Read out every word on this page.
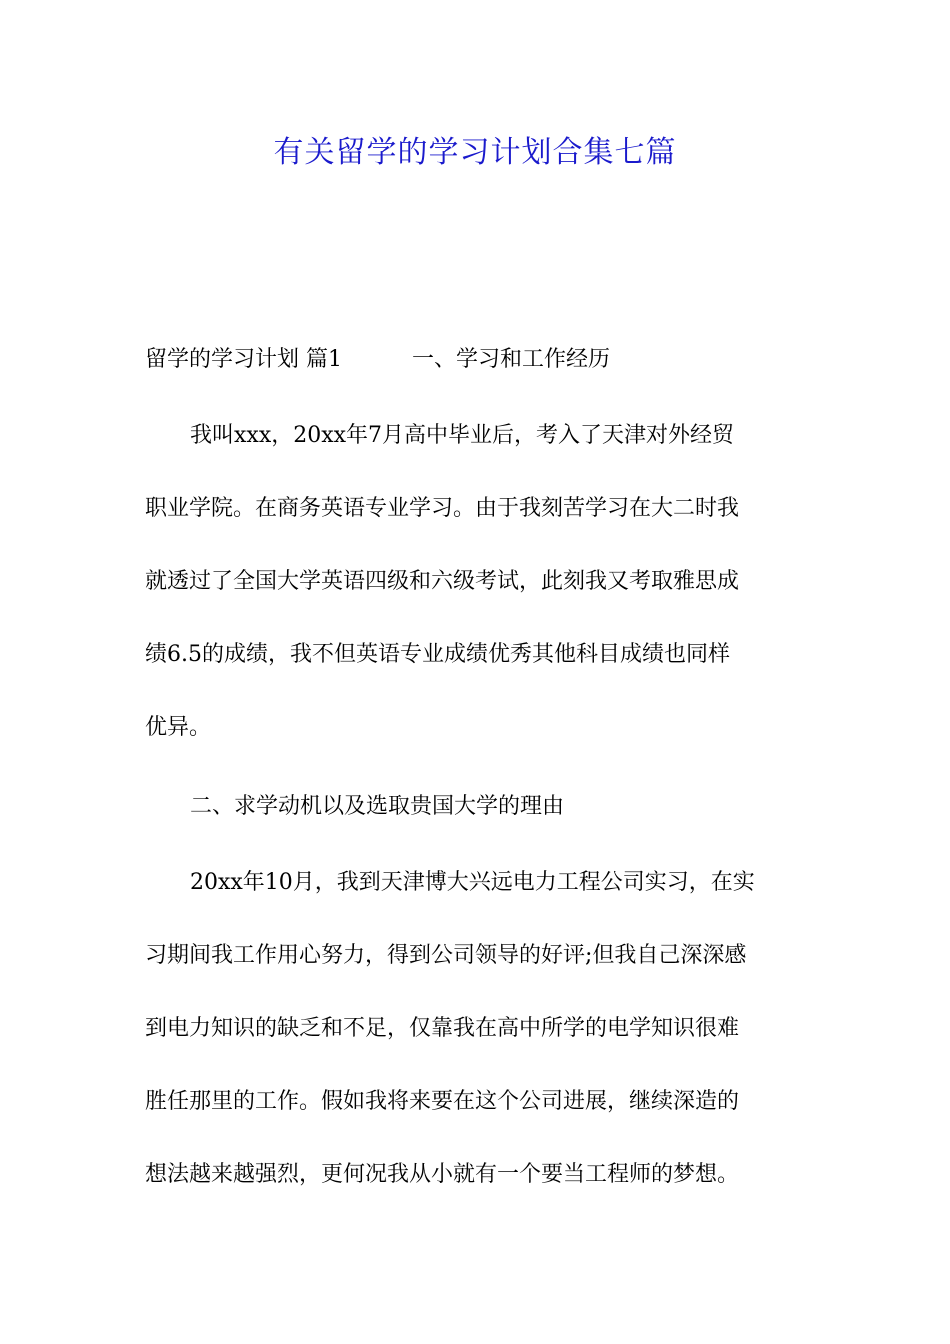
有关留学的学习计划合集七篇
留学的学习计划 篇1	一、学习和工作经历
我叫xxx，20xx年7月高中毕业后，考入了天津对外经贸
职业学院。在商务英语专业学习。由于我刻苦学习在大二时我
就透过了全国大学英语四级和六级考试，此刻我又考取雅思成
绩6.5的成绩，我不但英语专业成绩优秀其他科目成绩也同样
优异。
二、求学动机以及选取贵国大学的理由
20xx年10月，我到天津博大兴远电力工程公司实习，在实
习期间我工作用心努力，得到公司领导的好评;但我自己深深感
到电力知识的缺乏和不足，仅靠我在高中所学的电学知识很难
胜任那里的工作。假如我将来要在这个公司进展，继续深造的
想法越来越强烈，更何况我从小就有一个要当工程师的梦想。
